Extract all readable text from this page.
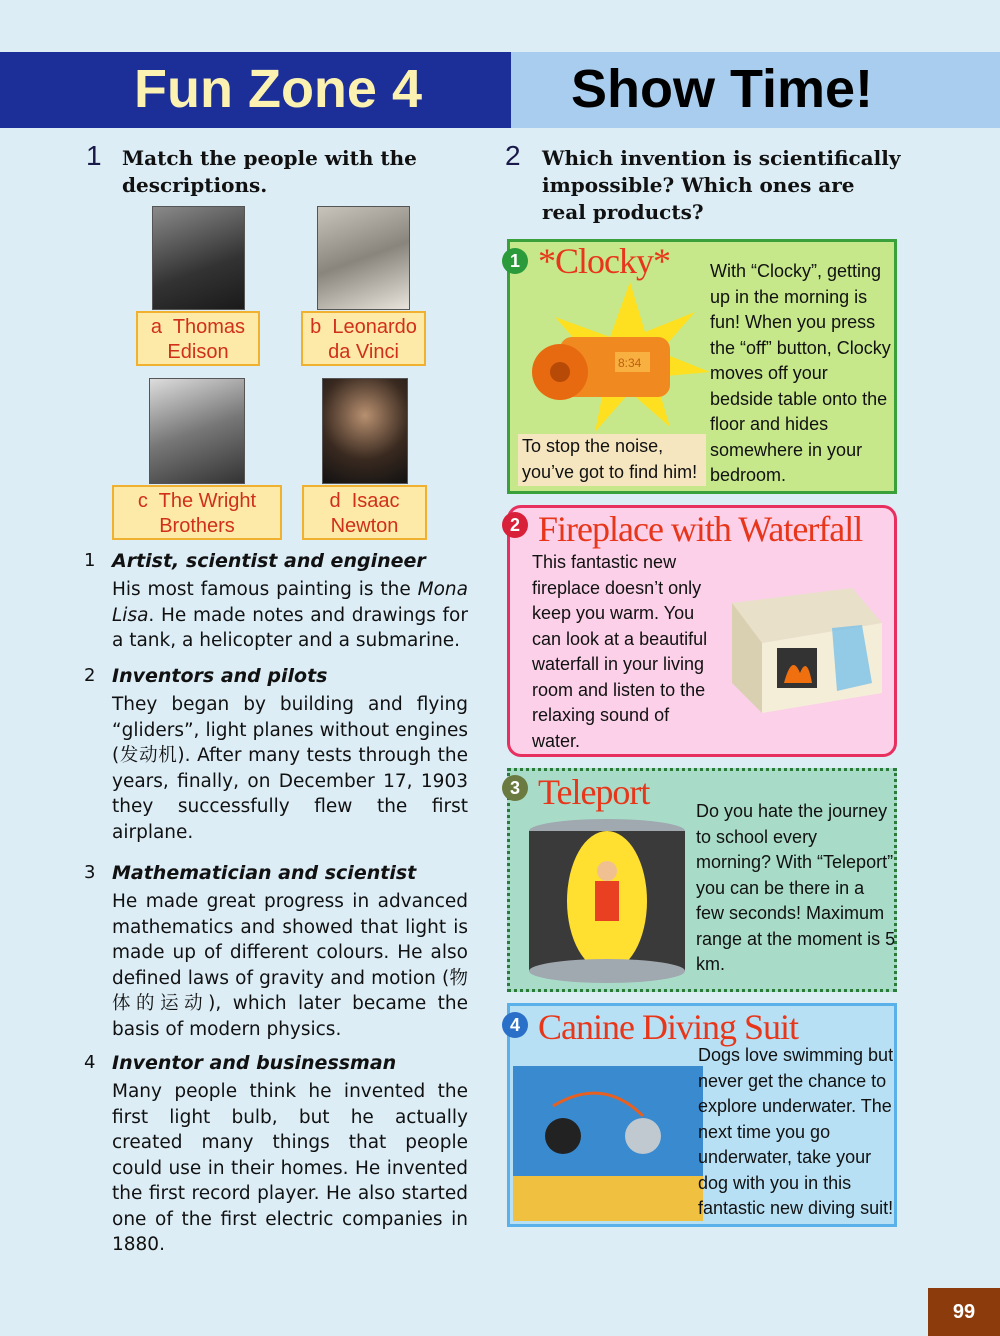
Fun Zone 4	Show Time!
1 Match the people with the descriptions.
a Thomas Edison
b Leonardo da Vinci
c The Wright Brothers
d Isaac Newton
1 Artist, scientist and engineer
His most famous painting is the Mona Lisa. He made notes and drawings for a tank, a helicopter and a submarine.
2 Inventors and pilots
They began by building and flying “gliders”, light planes without engines (发动机). After many tests through the years, finally, on December 17, 1903 they successfully flew the first airplane.
3 Mathematician and scientist
He made great progress in advanced mathematics and showed that light is made up of different colours. He also defined laws of gravity and motion (物体的运动), which later became the basis of modern physics.
4 Inventor and businessman
Many people think he invented the first light bulb, but he actually created many things that people could use in their homes. He invented the first record player. He also started one of the first electric companies in 1880.
2 Which invention is scientifically impossible? Which ones are real products?
1 *Clocky*
8:34
To stop the noise, you’ve got to find him!
With “Clocky”, getting up in the morning is fun! When you press the “off” button, Clocky moves off your bedside table onto the floor and hides somewhere in your bedroom.
2 Fireplace with Waterfall
This fantastic new fireplace doesn’t only keep you warm. You can look at a beautiful waterfall in your living room and listen to the relaxing sound of water.
3 Teleport	Do you hate the journey to school every morning? With “Teleport” you can be there in a few seconds! Maximum range at the moment is 5 km.
4 Canine Diving Suit
Dogs love swimming but never get the chance to explore underwater. The next time you go underwater, take your dog with you in this fantastic new diving suit!
99
